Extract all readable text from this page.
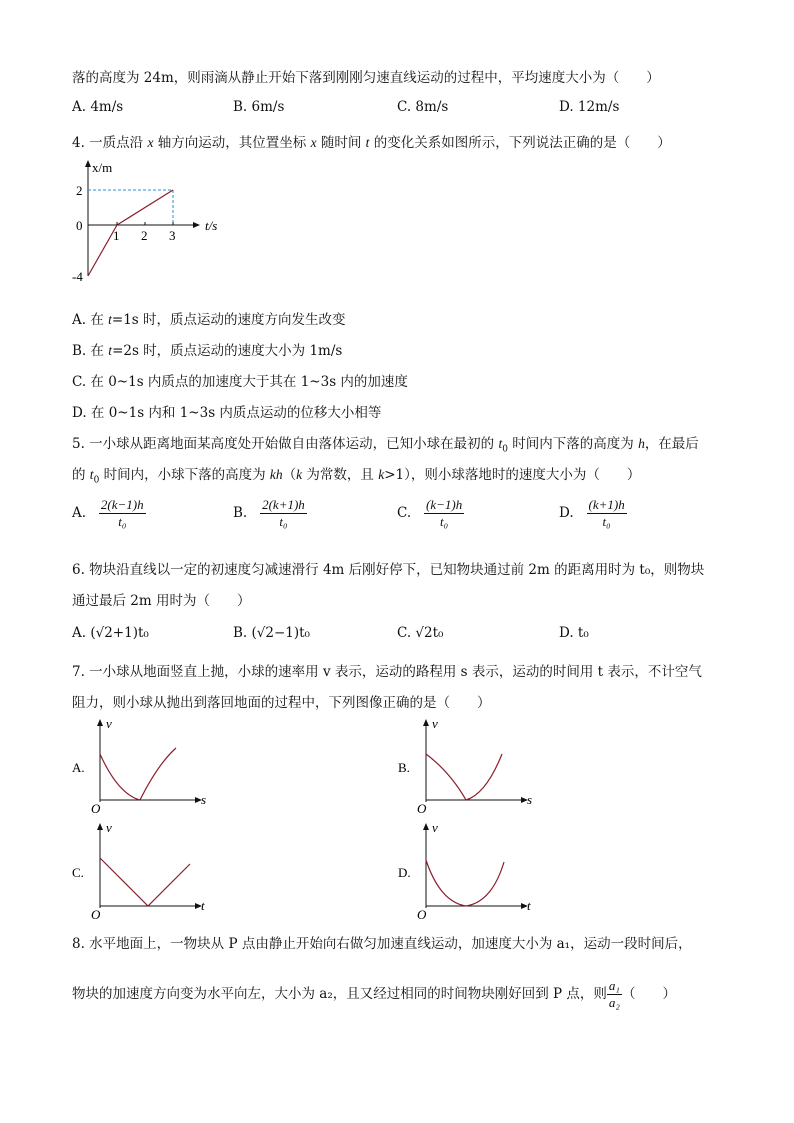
落的高度为 24m，则雨滴从静止开始下落到刚刚匀速直线运动的过程中，平均速度大小为（　　）
A. 4m/s	B. 6m/s	C. 8m/s	D. 12m/s
4. 一质点沿 x 轴方向运动，其位置坐标 x 随时间 t 的变化关系如图所示，下列说法正确的是（　　）
x/m
t/s
2
0
-4
1 2 3
A. 在 t=1s 时，质点运动的速度方向发生改变
B. 在 t=2s 时，质点运动的速度大小为 1m/s
C. 在 0~1s 内质点的加速度大于其在 1~3s 内的加速度
D. 在 0~1s 内和 1~3s 内质点运动的位移大小相等
5. 一小球从距离地面某高度处开始做自由落体运动，已知小球在最初的 $t_0$ 时间内下落的高度为 h，在最后
的 $t_0$ 时间内，小球下落的高度为 kh（k 为常数，且 k>1），则小球落地时的速度大小为（　　）
A. $\frac{2(k-1)h}{\text{t₀}}$	B. $\frac{2(k+1)h}{\text{t₀}}$	C. $\frac{(k-1)h}{\text{t₀}}$	D. $\frac{(k+1)h}{\text{t₀}}$
6. 物块沿直线以一定的初速度匀减速滑行 4m 后刚好停下，已知物块通过前 2m 的距离用时为 t₀，则物块
通过最后 2m 用时为（　　）
A. (√2+1)t₀	B. (√2−1)t₀	C. √2t₀	D. t₀
7. 一小球从地面竖直上抛，小球的速率用 v 表示，运动的路程用 s 表示，运动的时间用 t 表示，不计空气
阻力，则小球从抛出到落回地面的过程中，下列图像正确的是（　　）
A.
v
s
O
B.
v
s
O
C.
v
t
O
D.
v
t
O
8. 水平地面上，一物块从 P 点由静止开始向右做匀加速直线运动，加速度大小为 a₁，运动一段时间后，
物块的加速度方向变为水平向左，大小为 a₂，且又经过相同的时间物块刚好回到 P 点，则 $\frac{\text{a₁}}{\text{a₂}}$ （　　）
